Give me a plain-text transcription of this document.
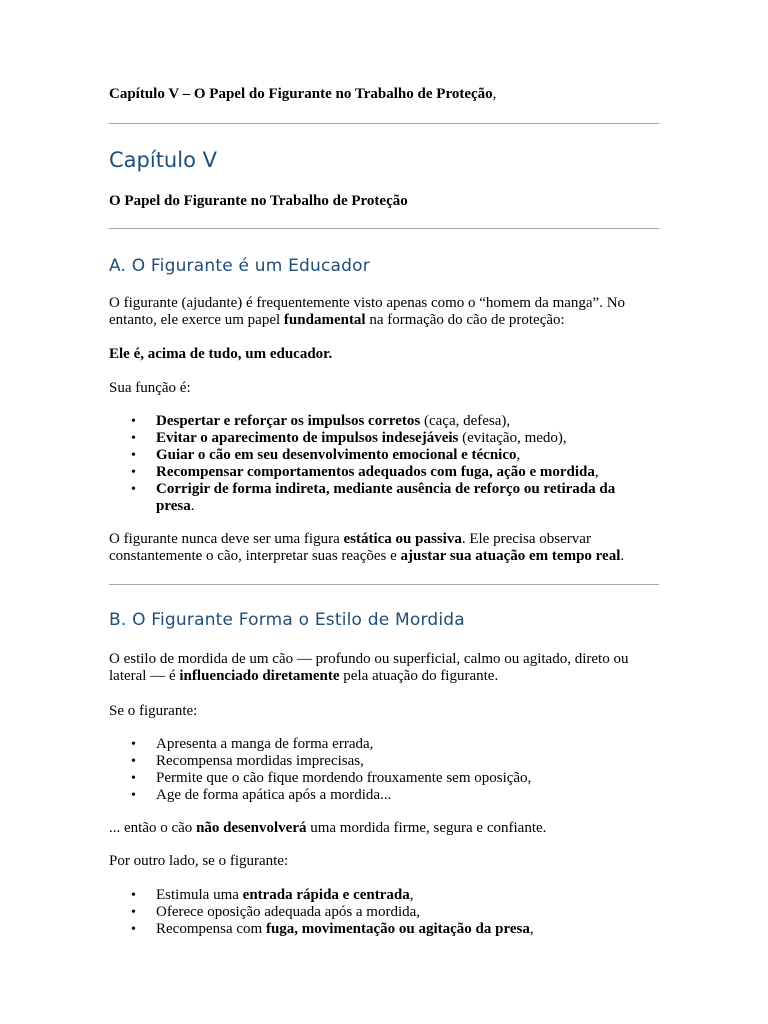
Capítulo V – O Papel do Figurante no Trabalho de Proteção,

Capítulo V

O Papel do Figurante no Trabalho de Proteção

A. O Figurante é um Educador

O figurante (ajudante) é frequentemente visto apenas como o “homem da manga”. No entanto, ele exerce um papel fundamental na formação do cão de proteção:

Ele é, acima de tudo, um educador.

Sua função é:

• Despertar e reforçar os impulsos corretos (caça, defesa),
• Evitar o aparecimento de impulsos indesejáveis (evitação, medo),
• Guiar o cão em seu desenvolvimento emocional e técnico,
• Recompensar comportamentos adequados com fuga, ação e mordida,
• Corrigir de forma indireta, mediante ausência de reforço ou retirada da presa.

O figurante nunca deve ser uma figura estática ou passiva. Ele precisa observar constantemente o cão, interpretar suas reações e ajustar sua atuação em tempo real.

B. O Figurante Forma o Estilo de Mordida

O estilo de mordida de um cão — profundo ou superficial, calmo ou agitado, direto ou lateral — é influenciado diretamente pela atuação do figurante.

Se o figurante:

• Apresenta a manga de forma errada,
• Recompensa mordidas imprecisas,
• Permite que o cão fique mordendo frouxamente sem oposição,
• Age de forma apática após a mordida...

... então o cão não desenvolverá uma mordida firme, segura e confiante.

Por outro lado, se o figurante:

• Estimula uma entrada rápida e centrada,
• Oferece oposição adequada após a mordida,
• Recompensa com fuga, movimentação ou agitação da presa,
